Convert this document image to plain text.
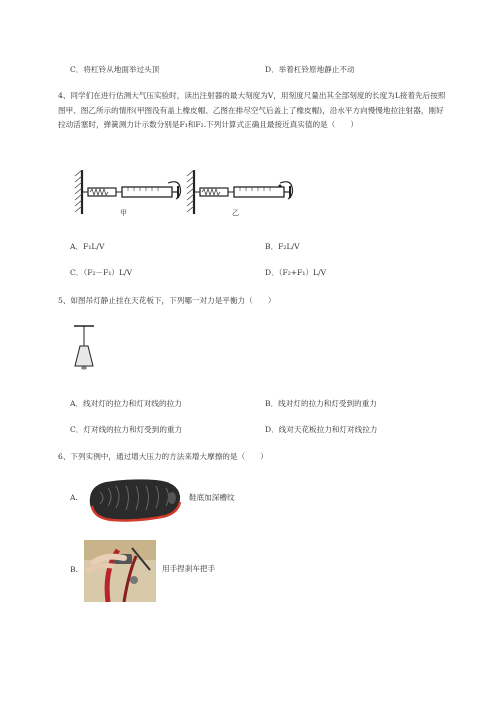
C．将杠铃从地面举过头顶	D．举着杠铃原地静止不动
4、同学们在进行估测大气压实验时，读出注射器的最大刻度为V，用刻度尺量出其全部刻度的长度为L接着先后按照图甲、图乙所示的情形(甲图没有盖上橡皮帽、乙图在排尽空气后盖上了橡皮帽)，沿水平方向慢慢地拉注射器，刚好拉动活塞时，弹簧测力计示数分别是F₁和F₂.下列计算式正确且最接近真实值的是（　　）
甲	乙
A．F₁L/V	B．F₂L/V
C．（F₂－F₁）L/V	D．（F₂+F₁）L/V
5、如图吊灯静止挂在天花板下，下列哪一对力是平衡力（　　）
A．线对灯的拉力和灯对线的拉力	B．线对灯的拉力和灯受到的重力
C．灯对线的拉力和灯受到的重力	D．线对天花板拉力和灯对线拉力
6、下列实例中，通过增大压力的方法来增大摩擦的是（　　）
A.	鞋底加深槽纹
B.	用手捏刹车把手
